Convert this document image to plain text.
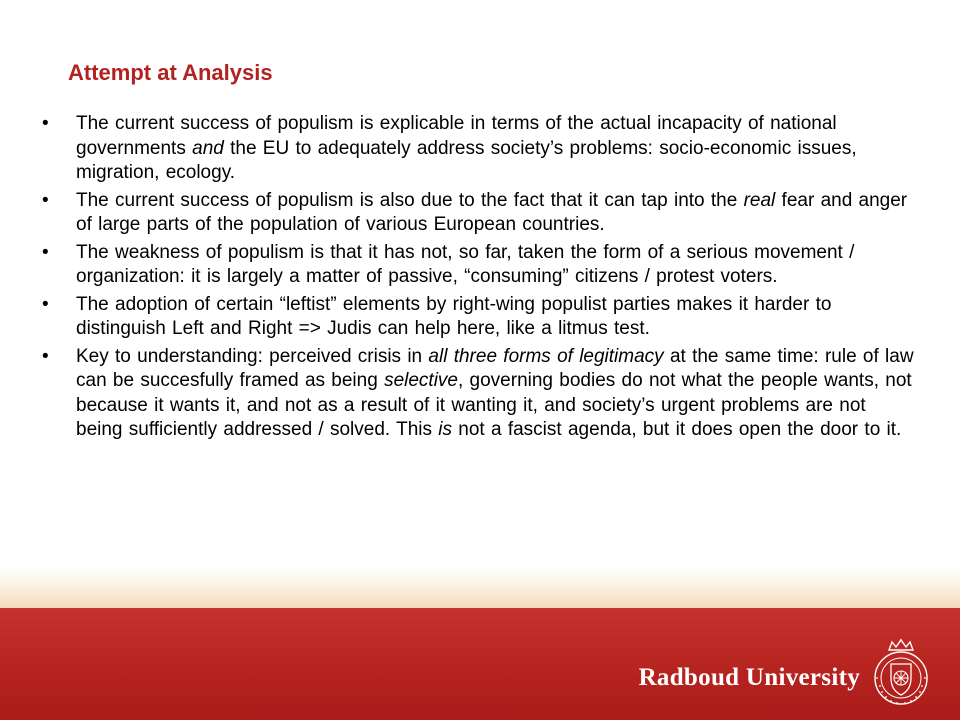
Attempt at Analysis
• The current success of populism is explicable in terms of the actual incapacity of national governments and the EU to adequately address society’s problems: socio-economic issues, migration, ecology.
• The current success of populism is also due to the fact that it can tap into the real fear and anger of large parts of the population of various European countries.
• The weakness of populism is that it has not, so far, taken the form of a serious movement / organization: it is largely a matter of passive, “consuming” citizens / protest voters.
• The adoption of certain “leftist” elements by right-wing populist parties makes it harder to distinguish Left and Right => Judis can help here, like a litmus test.
• Key to understanding: perceived crisis in all three forms of legitimacy at the same time: rule of law can be succesfully framed as being selective, governing bodies do not what the people wants, not because it wants it, and not as a result of it wanting it, and society’s urgent problems are not being sufficiently addressed / solved. This is not a fascist agenda, but it does open the door to it.
Radboud University
